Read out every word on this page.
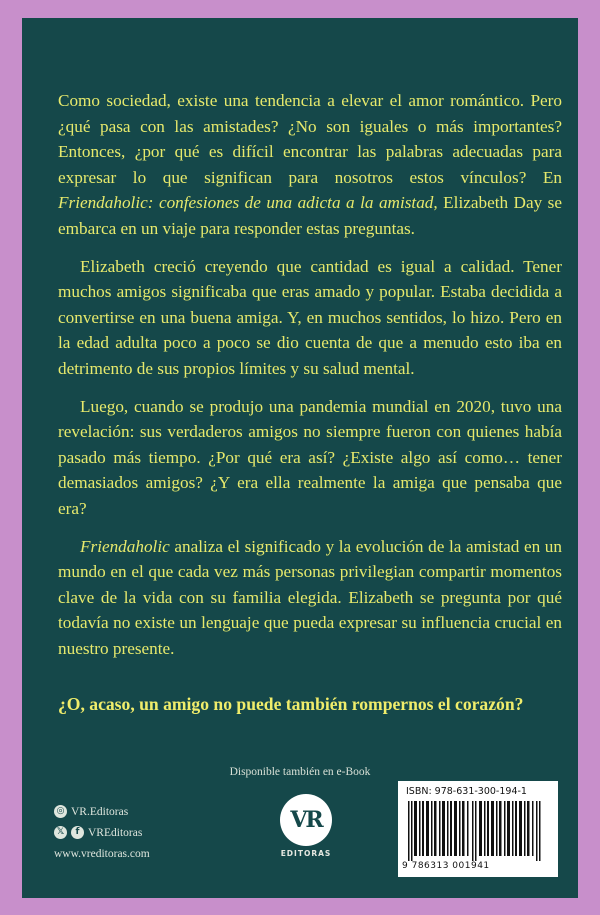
Como sociedad, existe una tendencia a elevar el amor romántico. Pero ¿qué pasa con las amistades? ¿No son iguales o más importantes? Entonces, ¿por qué es difícil encontrar las palabras adecuadas para expresar lo que significan para nosotros estos vínculos? En Friendaholic: confesiones de una adicta a la amistad, Elizabeth Day se embarca en un viaje para responder estas preguntas.

Elizabeth creció creyendo que cantidad es igual a calidad. Tener muchos amigos significaba que eras amado y popular. Estaba decidida a convertirse en una buena amiga. Y, en muchos sentidos, lo hizo. Pero en la edad adulta poco a poco se dio cuenta de que a menudo esto iba en detrimento de sus propios límites y su salud mental.

Luego, cuando se produjo una pandemia mundial en 2020, tuvo una revelación: sus verdaderos amigos no siempre fueron con quienes había pasado más tiempo. ¿Por qué era así? ¿Existe algo así como… tener demasiados amigos? ¿Y era ella realmente la amiga que pensaba que era?

Friendaholic analiza el significado y la evolución de la amistad en un mundo en el que cada vez más personas privilegian compartir momentos clave de la vida con su familia elegida. Elizabeth se pregunta por qué todavía no existe un lenguaje que pueda expresar su influencia crucial en nuestro presente.

¿O, acaso, un amigo no puede también rompernos el corazón?
Disponible también en e-Book
◎ VR.Editoras
𝕏	f VREditoras
www.vreditoras.com
VR
EDITORAS
ISBN: 978-631-300-194-1
9 786313 001941
